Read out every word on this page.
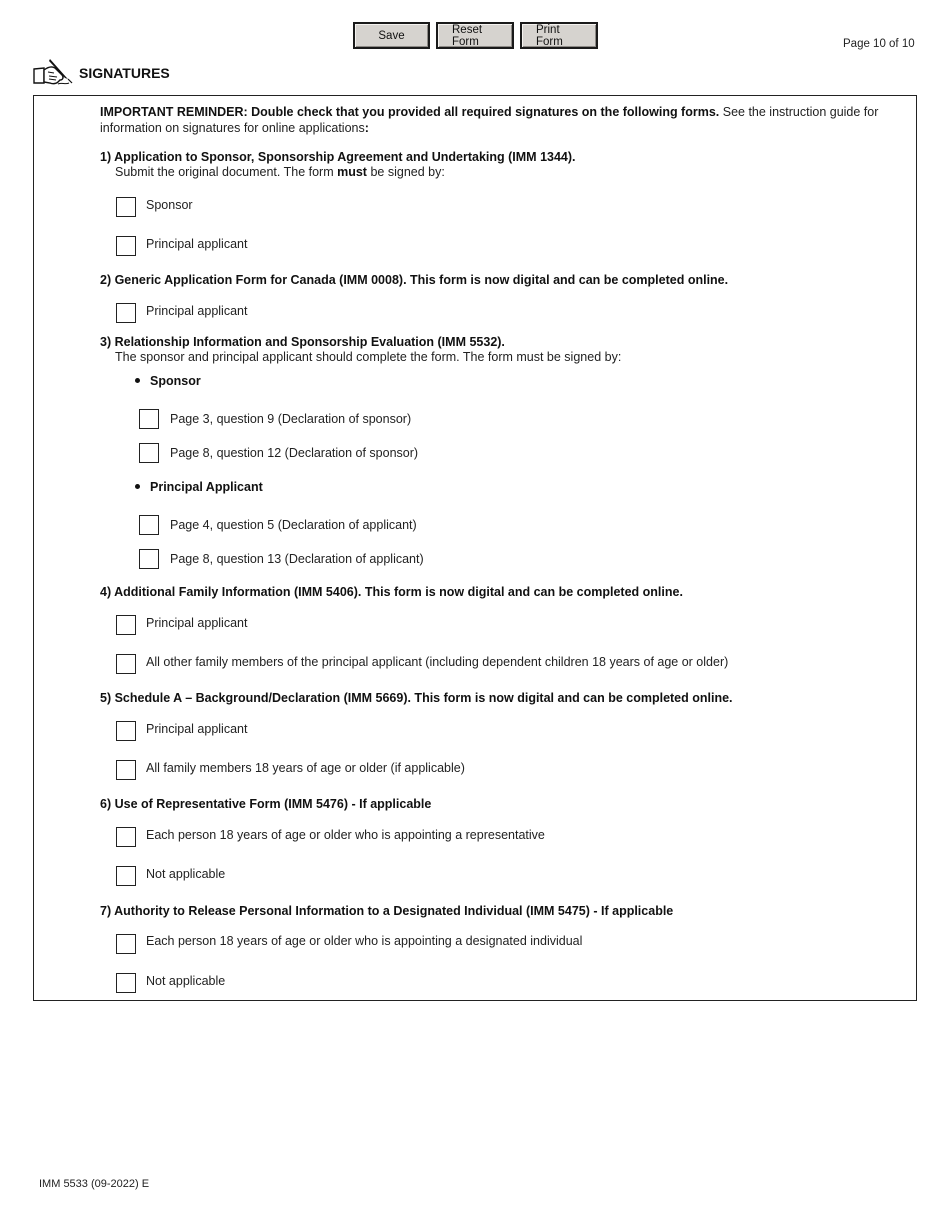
Save	Reset Form
Print Form	Page 10 of 10
SIGNATURES
IMPORTANT REMINDER: Double check that you provided all required signatures on the following forms. See the instruction guide for information on signatures for online applications:
1) Application to Sponsor, Sponsorship Agreement and Undertaking (IMM 1344).
Submit the original document. The form must be signed by:
Sponsor
Principal applicant
2) Generic Application Form for Canada (IMM 0008). This form is now digital and can be completed online.
Principal applicant
3) Relationship Information and Sponsorship Evaluation (IMM 5532).
The sponsor and principal applicant should complete the form. The form must be signed by:
Sponsor
Page 3, question 9 (Declaration of sponsor)
Page 8, question 12 (Declaration of sponsor)
Principal Applicant
Page 4, question 5 (Declaration of applicant)
Page 8, question 13 (Declaration of applicant)
4) Additional Family Information (IMM 5406). This form is now digital and can be completed online.
Principal applicant
All other family members of the principal applicant (including dependent children 18 years of age or older)
5) Schedule A – Background/Declaration (IMM 5669). This form is now digital and can be completed online.
Principal applicant
All family members 18 years of age or older (if applicable)
6) Use of Representative Form (IMM 5476) - If applicable
Each person 18 years of age or older who is appointing a representative
Not applicable
7) Authority to Release Personal Information to a Designated Individual (IMM 5475) - If applicable
Each person 18 years of age or older who is appointing a designated individual
Not applicable
IMM 5533 (09-2022) E
